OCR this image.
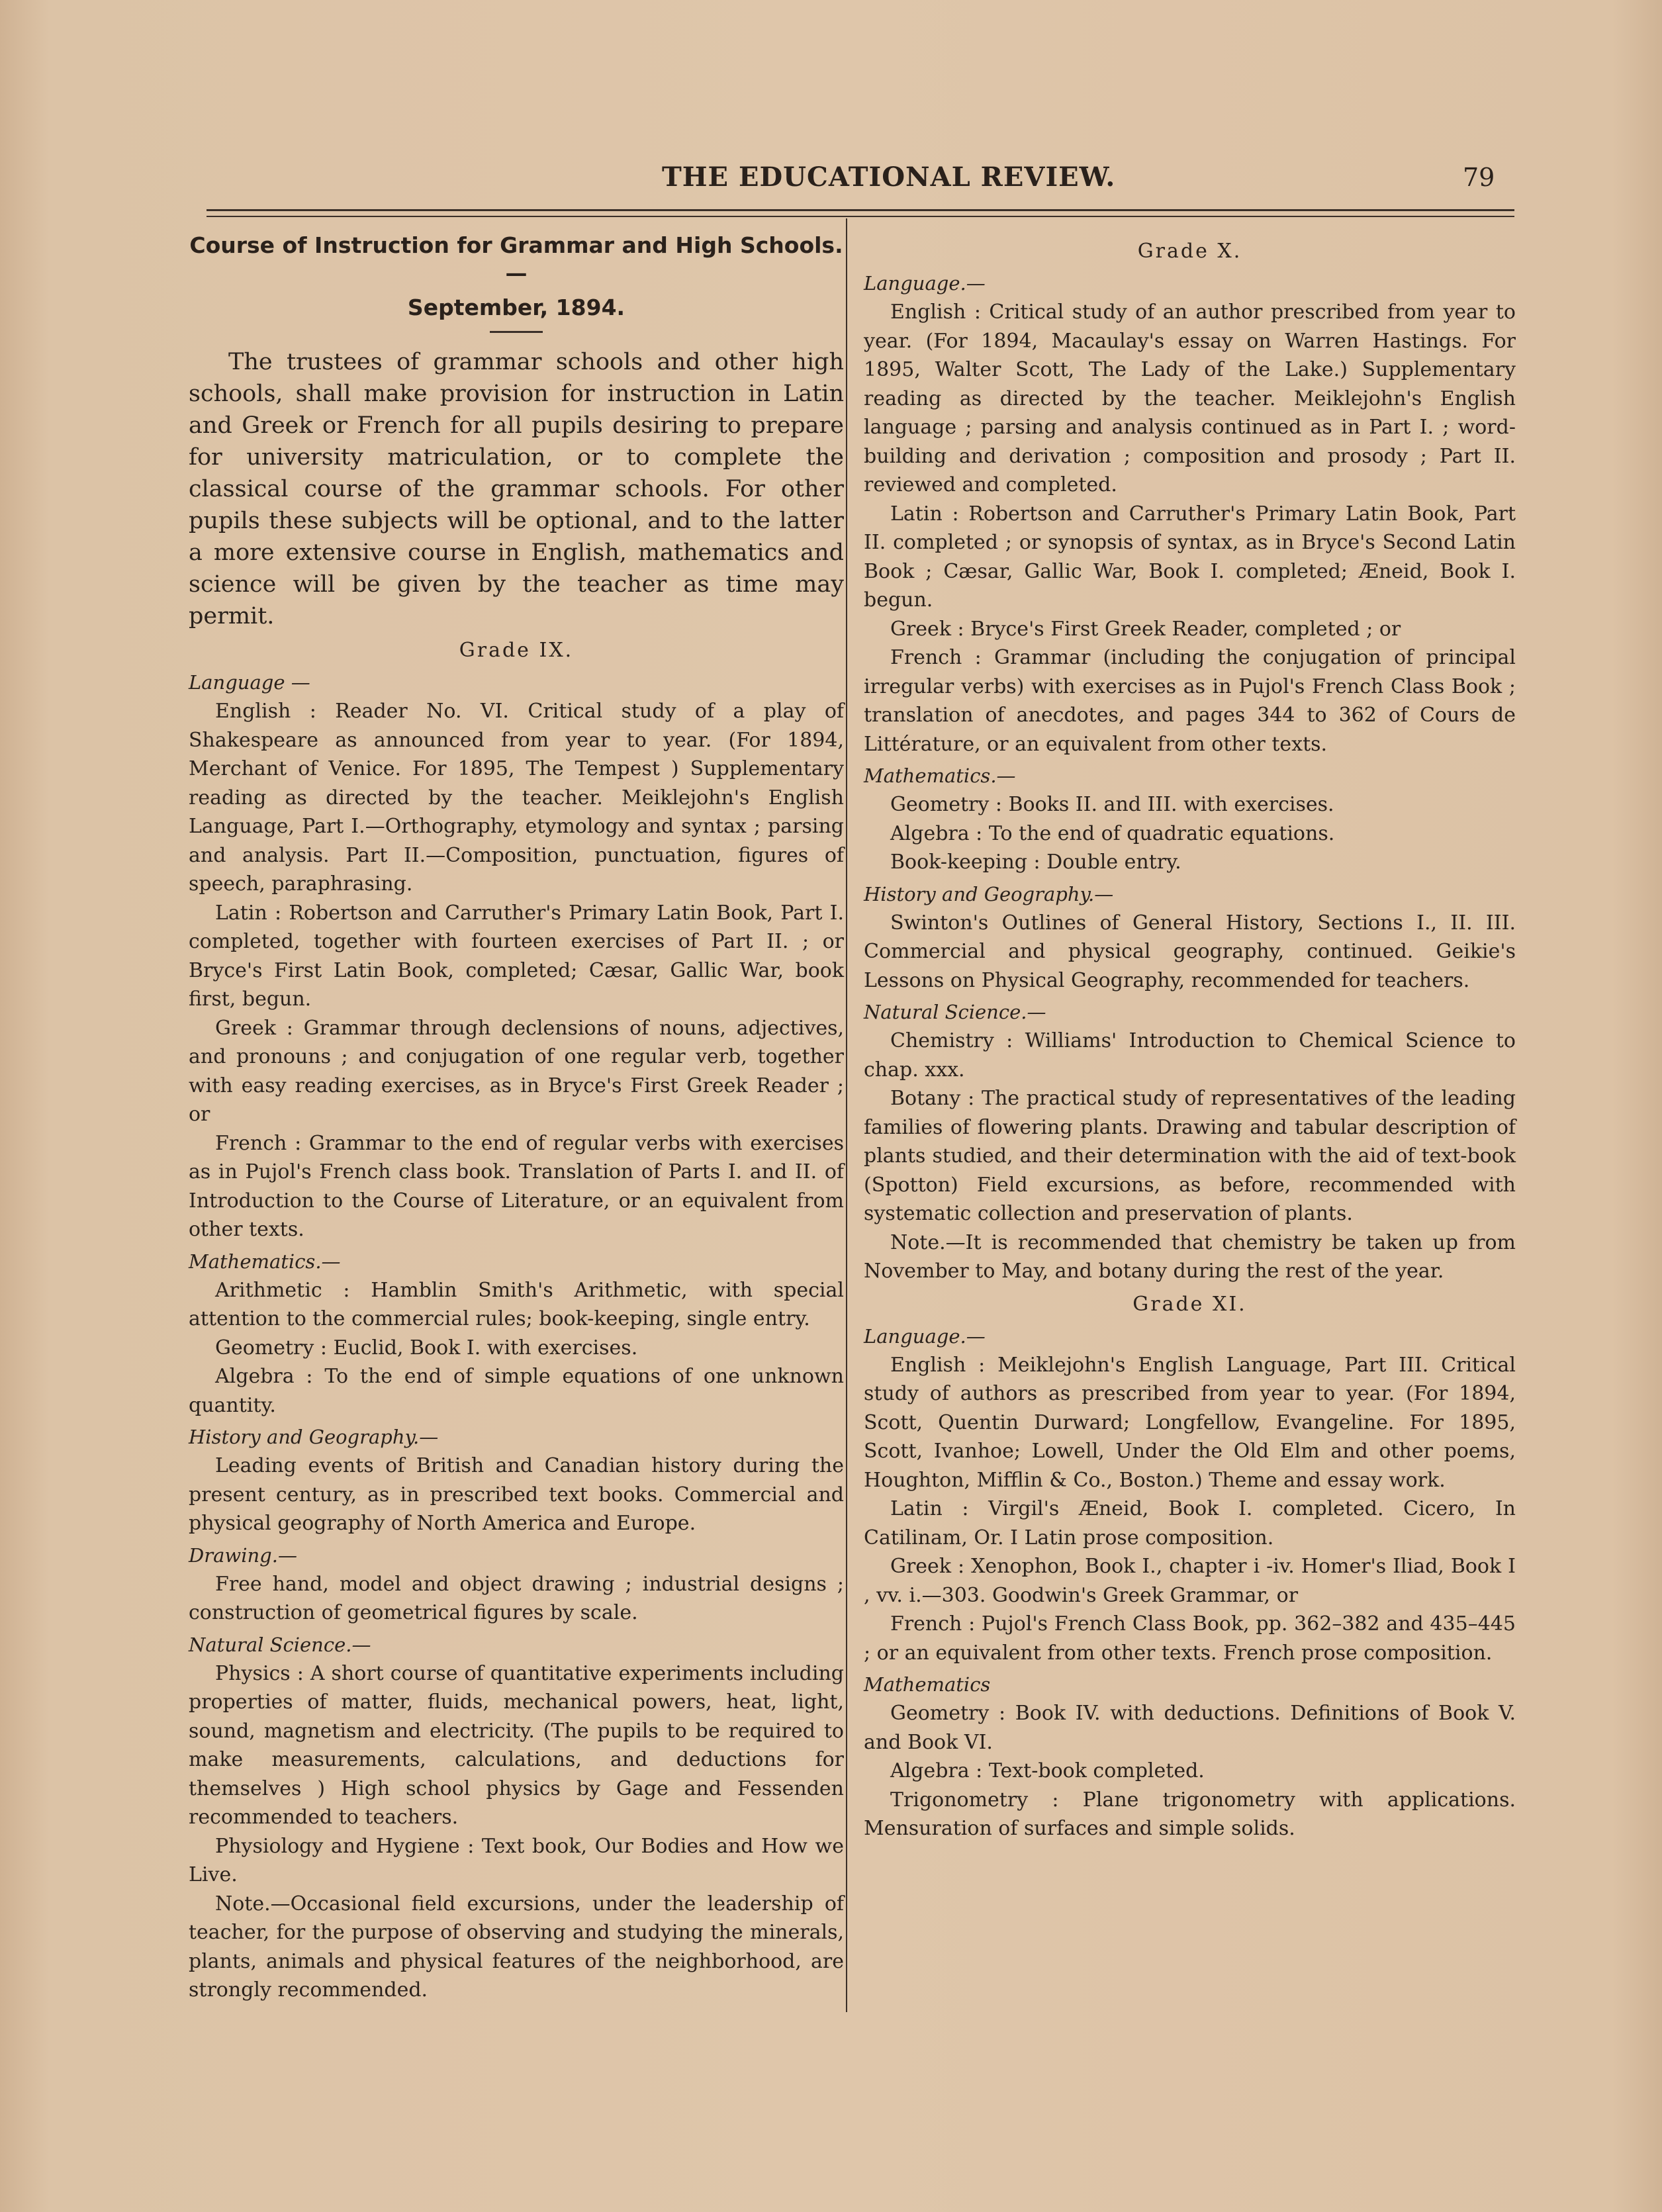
THE EDUCATIONAL REVIEW.	79
Course of Instruction for Grammar and High Schools.—
September, 1894.

The trustees of grammar schools and other high schools, shall make provision for instruction in Latin and Greek or French for all pupils desiring to prepare for university matriculation, or to complete the classical course of the grammar schools. For other pupils these subjects will be optional, and to the latter a more extensive course in English, mathematics and science will be given by the teacher as time may permit.

Grade IX.
Language —

English : Reader No. VI. Critical study of a play of Shakespeare as announced from year to year. (For 1894, Merchant of Venice. For 1895, The Tempest ) Supplementary reading as directed by the teacher. Meiklejohn's English Language, Part I.—Orthography, etymology and syntax ; parsing and analysis. Part II.—Composition, punctuation, figures of speech, paraphrasing.

Latin : Robertson and Carruther's Primary Latin Book, Part I. completed, together with fourteen exercises of Part II. ; or Bryce's First Latin Book, completed; Cæsar, Gallic War, book first, begun.

Greek : Grammar through declensions of nouns, adjectives, and pronouns ; and conjugation of one regular verb, together with easy reading exercises, as in Bryce's First Greek Reader ; or

French : Grammar to the end of regular verbs with exercises as in Pujol's French class book. Translation of Parts I. and II. of Introduction to the Course of Literature, or an equivalent from other texts.

Mathematics.—

Arithmetic : Hamblin Smith's Arithmetic, with special attention to the commercial rules; book-keeping, single entry.

Geometry : Euclid, Book I. with exercises.

Algebra : To the end of simple equations of one unknown quantity.

History and Geography.—

Leading events of British and Canadian history during the present century, as in prescribed text books. Commercial and physical geography of North America and Europe.

Drawing.—

Free hand, model and object drawing ; industrial designs ; construction of geometrical figures by scale.

Natural Science.—

Physics : A short course of quantitative experiments including properties of matter, fluids, mechanical powers, heat, light, sound, magnetism and electricity. (The pupils to be required to make measurements, calculations, and deductions for themselves ) High school physics by Gage and Fessenden recommended to teachers.

Physiology and Hygiene : Text book, Our Bodies and How we Live.

Note.—Occasional field excursions, under the leadership of teacher, for the purpose of observing and studying the minerals, plants, animals and physical features of the neighborhood, are strongly recommended.

Grade X.
Language.—

English : Critical study of an author prescribed from year to year. (For 1894, Macaulay's essay on Warren Hastings. For 1895, Walter Scott, The Lady of the Lake.) Supplementary reading as directed by the teacher. Meiklejohn's English language ; parsing and analysis continued as in Part I. ; word-building and derivation ; composition and prosody ; Part II. reviewed and completed.

Latin : Robertson and Carruther's Primary Latin Book, Part II. completed ; or synopsis of syntax, as in Bryce's Second Latin Book ; Cæsar, Gallic War, Book I. completed; Æneid, Book I. begun.

Greek : Bryce's First Greek Reader, completed ; or

French : Grammar (including the conjugation of principal irregular verbs) with exercises as in Pujol's French Class Book ; translation of anecdotes, and pages 344 to 362 of Cours de Littérature, or an equivalent from other texts.

Mathematics.—

Geometry : Books II. and III. with exercises.

Algebra : To the end of quadratic equations.

Book-keeping : Double entry.

History and Geography.—

Swinton's Outlines of General History, Sections I., II. III. Commercial and physical geography, continued. Geikie's Lessons on Physical Geography, recommended for teachers.

Natural Science.—

Chemistry : Williams' Introduction to Chemical Science to chap. xxx.

Botany : The practical study of representatives of the leading families of flowering plants. Drawing and tabular description of plants studied, and their determination with the aid of text-book (Spotton) Field excursions, as before, recommended with systematic collection and preservation of plants.

Note.—It is recommended that chemistry be taken up from November to May, and botany during the rest of the year.

Grade XI.
Language.—

English : Meiklejohn's English Language, Part III. Critical study of authors as prescribed from year to year. (For 1894, Scott, Quentin Durward; Longfellow, Evangeline. For 1895, Scott, Ivanhoe; Lowell, Under the Old Elm and other poems, Houghton, Mifflin & Co., Boston.) Theme and essay work.

Latin : Virgil's Æneid, Book I. completed. Cicero, In Catilinam, Or. I Latin prose composition.

Greek : Xenophon, Book I., chapter i -iv. Homer's Iliad, Book I , vv. i.—303. Goodwin's Greek Grammar, or

French : Pujol's French Class Book, pp. 362–382 and 435–445 ; or an equivalent from other texts. French prose composition.

Mathematics

Geometry : Book IV. with deductions. Definitions of Book V. and Book VI.

Algebra : Text-book completed.

Trigonometry : Plane trigonometry with applications. Mensuration of surfaces and simple solids.
